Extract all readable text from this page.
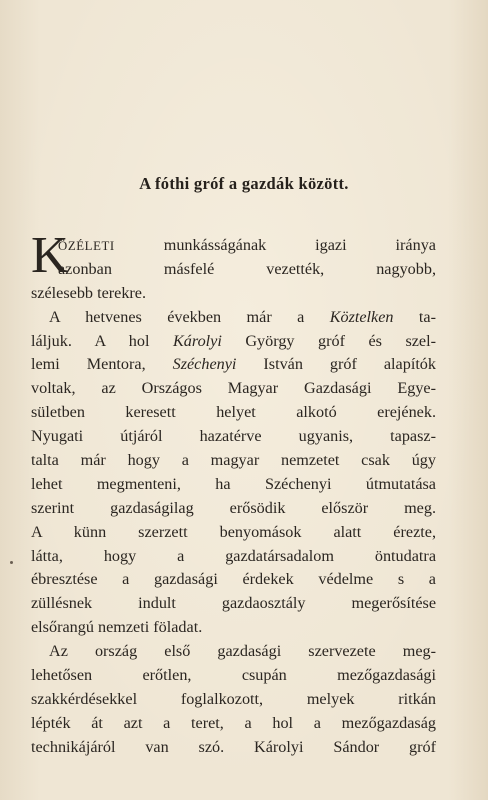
A fóthi gróf a gazdák között.
K
ÖZÉLETI munkásságának igazi iránya
azonban másfelé vezették, nagyobb,
szélesebb terekre.
A hetvenes években már a Köztelken ta-
láljuk. A hol Károlyi György gróf és szel-
lemi Mentora, Széchenyi István gróf alapítók
voltak, az Országos Magyar Gazdasági Egye-
sületben keresett helyet alkotó erejének.
Nyugati útjáról hazatérve ugyanis, tapasz-
talta már hogy a magyar nemzetet csak úgy
lehet megmenteni, ha Széchenyi útmutatása
szerint gazdaságilag erősödik először meg.
A künn szerzett benyomások alatt érezte,
látta, hogy a gazdatársadalom öntudatra
ébresztése a gazdasági érdekek védelme s a
züllésnek indult gazdaosztály megerősítése
elsőrangú nemzeti föladat.
Az ország első gazdasági szervezete meg-
lehetősen erőtlen, csupán mezőgazdasági
szakkérdésekkel foglalkozott, melyek ritkán
lépték át azt a teret, a hol a mezőgazdaság
technikájáról van szó. Károlyi Sándor gróf
